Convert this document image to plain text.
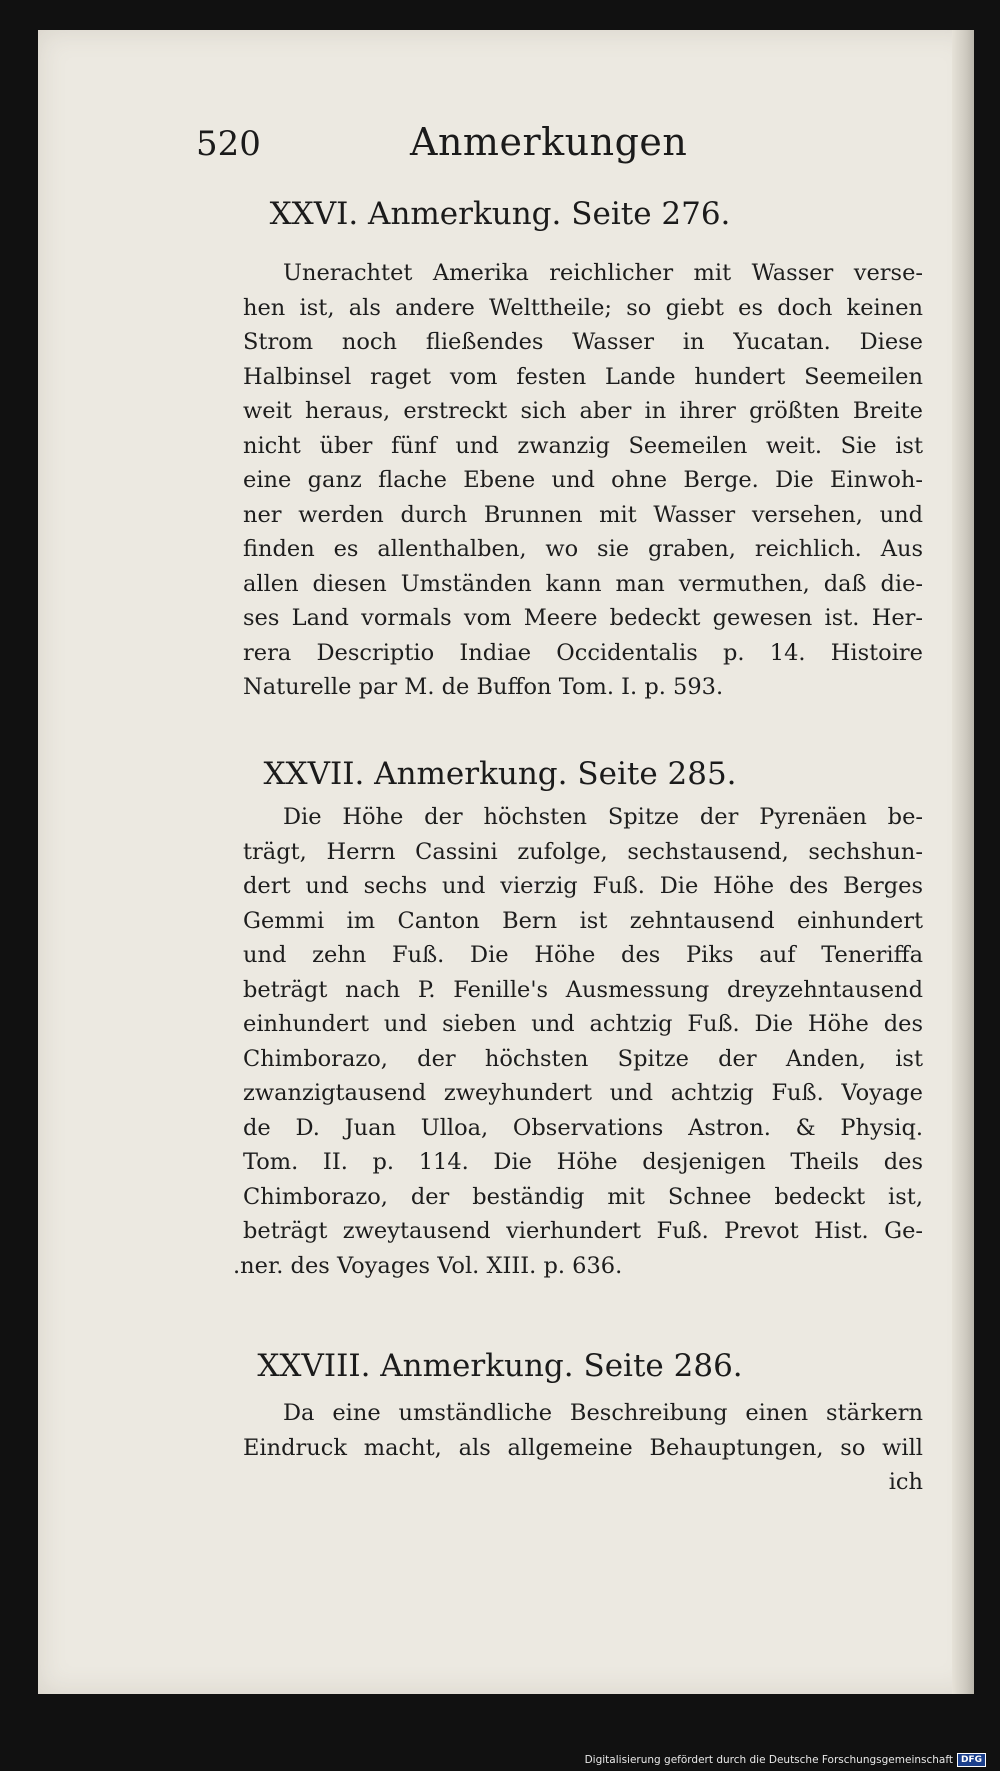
520	Anmerkungen
XXVI. Anmerkung. Seite 276.
Unerachtet Amerika reichlicher mit Wasser verse-
hen ist, als andere Welttheile; so giebt es doch keinen
Strom noch fließendes Wasser in Yucatan. Diese
Halbinsel raget vom festen Lande hundert Seemeilen
weit heraus, erstreckt sich aber in ihrer größten Breite
nicht über fünf und zwanzig Seemeilen weit. Sie ist
eine ganz flache Ebene und ohne Berge. Die Einwoh-
ner werden durch Brunnen mit Wasser versehen, und
finden es allenthalben, wo sie graben, reichlich. Aus
allen diesen Umständen kann man vermuthen, daß die-
ses Land vormals vom Meere bedeckt gewesen ist. Her-
rera Descriptio Indiae Occidentalis p. 14. Histoire
Naturelle par M. de Buffon Tom. I. p. 593.
XXVII. Anmerkung. Seite 285.
Die Höhe der höchsten Spitze der Pyrenäen be-
trägt, Herrn Cassini zufolge, sechstausend, sechshun-
dert und sechs und vierzig Fuß. Die Höhe des Berges
Gemmi im Canton Bern ist zehntausend einhundert
und zehn Fuß. Die Höhe des Piks auf Teneriffa
beträgt nach P. Fenille's Ausmessung dreyzehntausend
einhundert und sieben und achtzig Fuß. Die Höhe des
Chimborazo, der höchsten Spitze der Anden, ist
zwanzigtausend zweyhundert und achtzig Fuß. Voyage
de D. Juan Ulloa, Observations Astron. & Physiq.
Tom. II. p. 114. Die Höhe desjenigen Theils des
Chimborazo, der beständig mit Schnee bedeckt ist,
beträgt zweytausend vierhundert Fuß. Prevot Hist. Ge-
.ner. des Voyages Vol. XIII. p. 636.
XXVIII. Anmerkung. Seite 286.
Da eine umständliche Beschreibung einen stärkern
Eindruck macht, als allgemeine Behauptungen, so will
ich
Digitalisierung gefördert durch die Deutsche Forschungsgemeinschaft DFG
